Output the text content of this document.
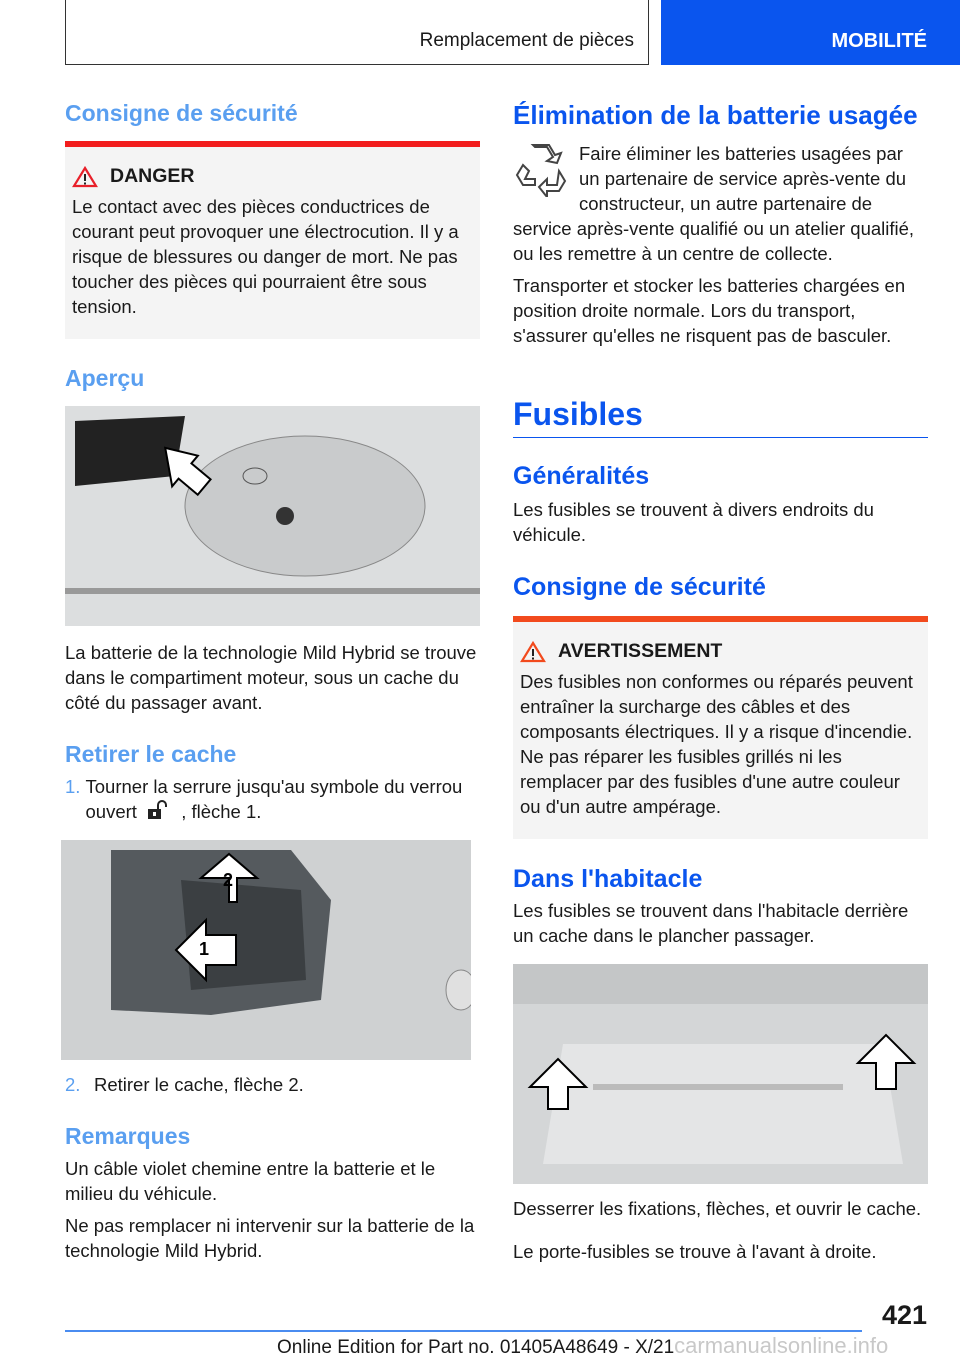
Remplacement de pièces	MOBILITÉ
Consigne de sécurité
DANGER

Le contact avec des pièces conductrices de courant peut provoquer une électrocution. Il y a risque de blessures ou danger de mort. Ne pas toucher des pièces qui pourraient être sous tension.

Aperçu

La batterie de la technologie Mild Hybrid se trouve dans le compartiment moteur, sous un cache du côté du passager avant.

Retirer le cache
1. Tourner la serrure jusqu'au symbole du verrou ouvert , flèche 1.
2
1
2. Retirer le cache, flèche 2.
Remarques

Un câble violet chemine entre la batterie et le milieu du véhicule.

Ne pas remplacer ni intervenir sur la batterie de la technologie Mild Hybrid.

Élimination de la batterie usagée

Faire éliminer les batteries usagées par un partenaire de service après-vente du constructeur, un autre partenaire de service après-vente qualifié ou un atelier qualifié, ou les remettre à un centre de collecte.

Transporter et stocker les batteries chargées en position droite normale. Lors du transport, s'assurer qu'elles ne risquent pas de basculer.

Fusibles
Généralités

Les fusibles se trouvent à divers endroits du véhicule.

Consigne de sécurité
AVERTISSEMENT

Des fusibles non conformes ou réparés peuvent entraîner la surcharge des câbles et des composants électriques. Il y a risque d'incendie. Ne pas réparer les fusibles grillés ni les remplacer par des fusibles d'une autre couleur ou d'un autre ampérage.

Dans l'habitacle

Les fusibles se trouvent dans l'habitacle derrière un cache dans le plancher passager.

Desserrer les fixations, flèches, et ouvrir le cache.

Le porte-fusibles se trouve à l'avant à droite.

421
Online Edition for Part no. 01405A48649 - X/21carmanualsonline.info
